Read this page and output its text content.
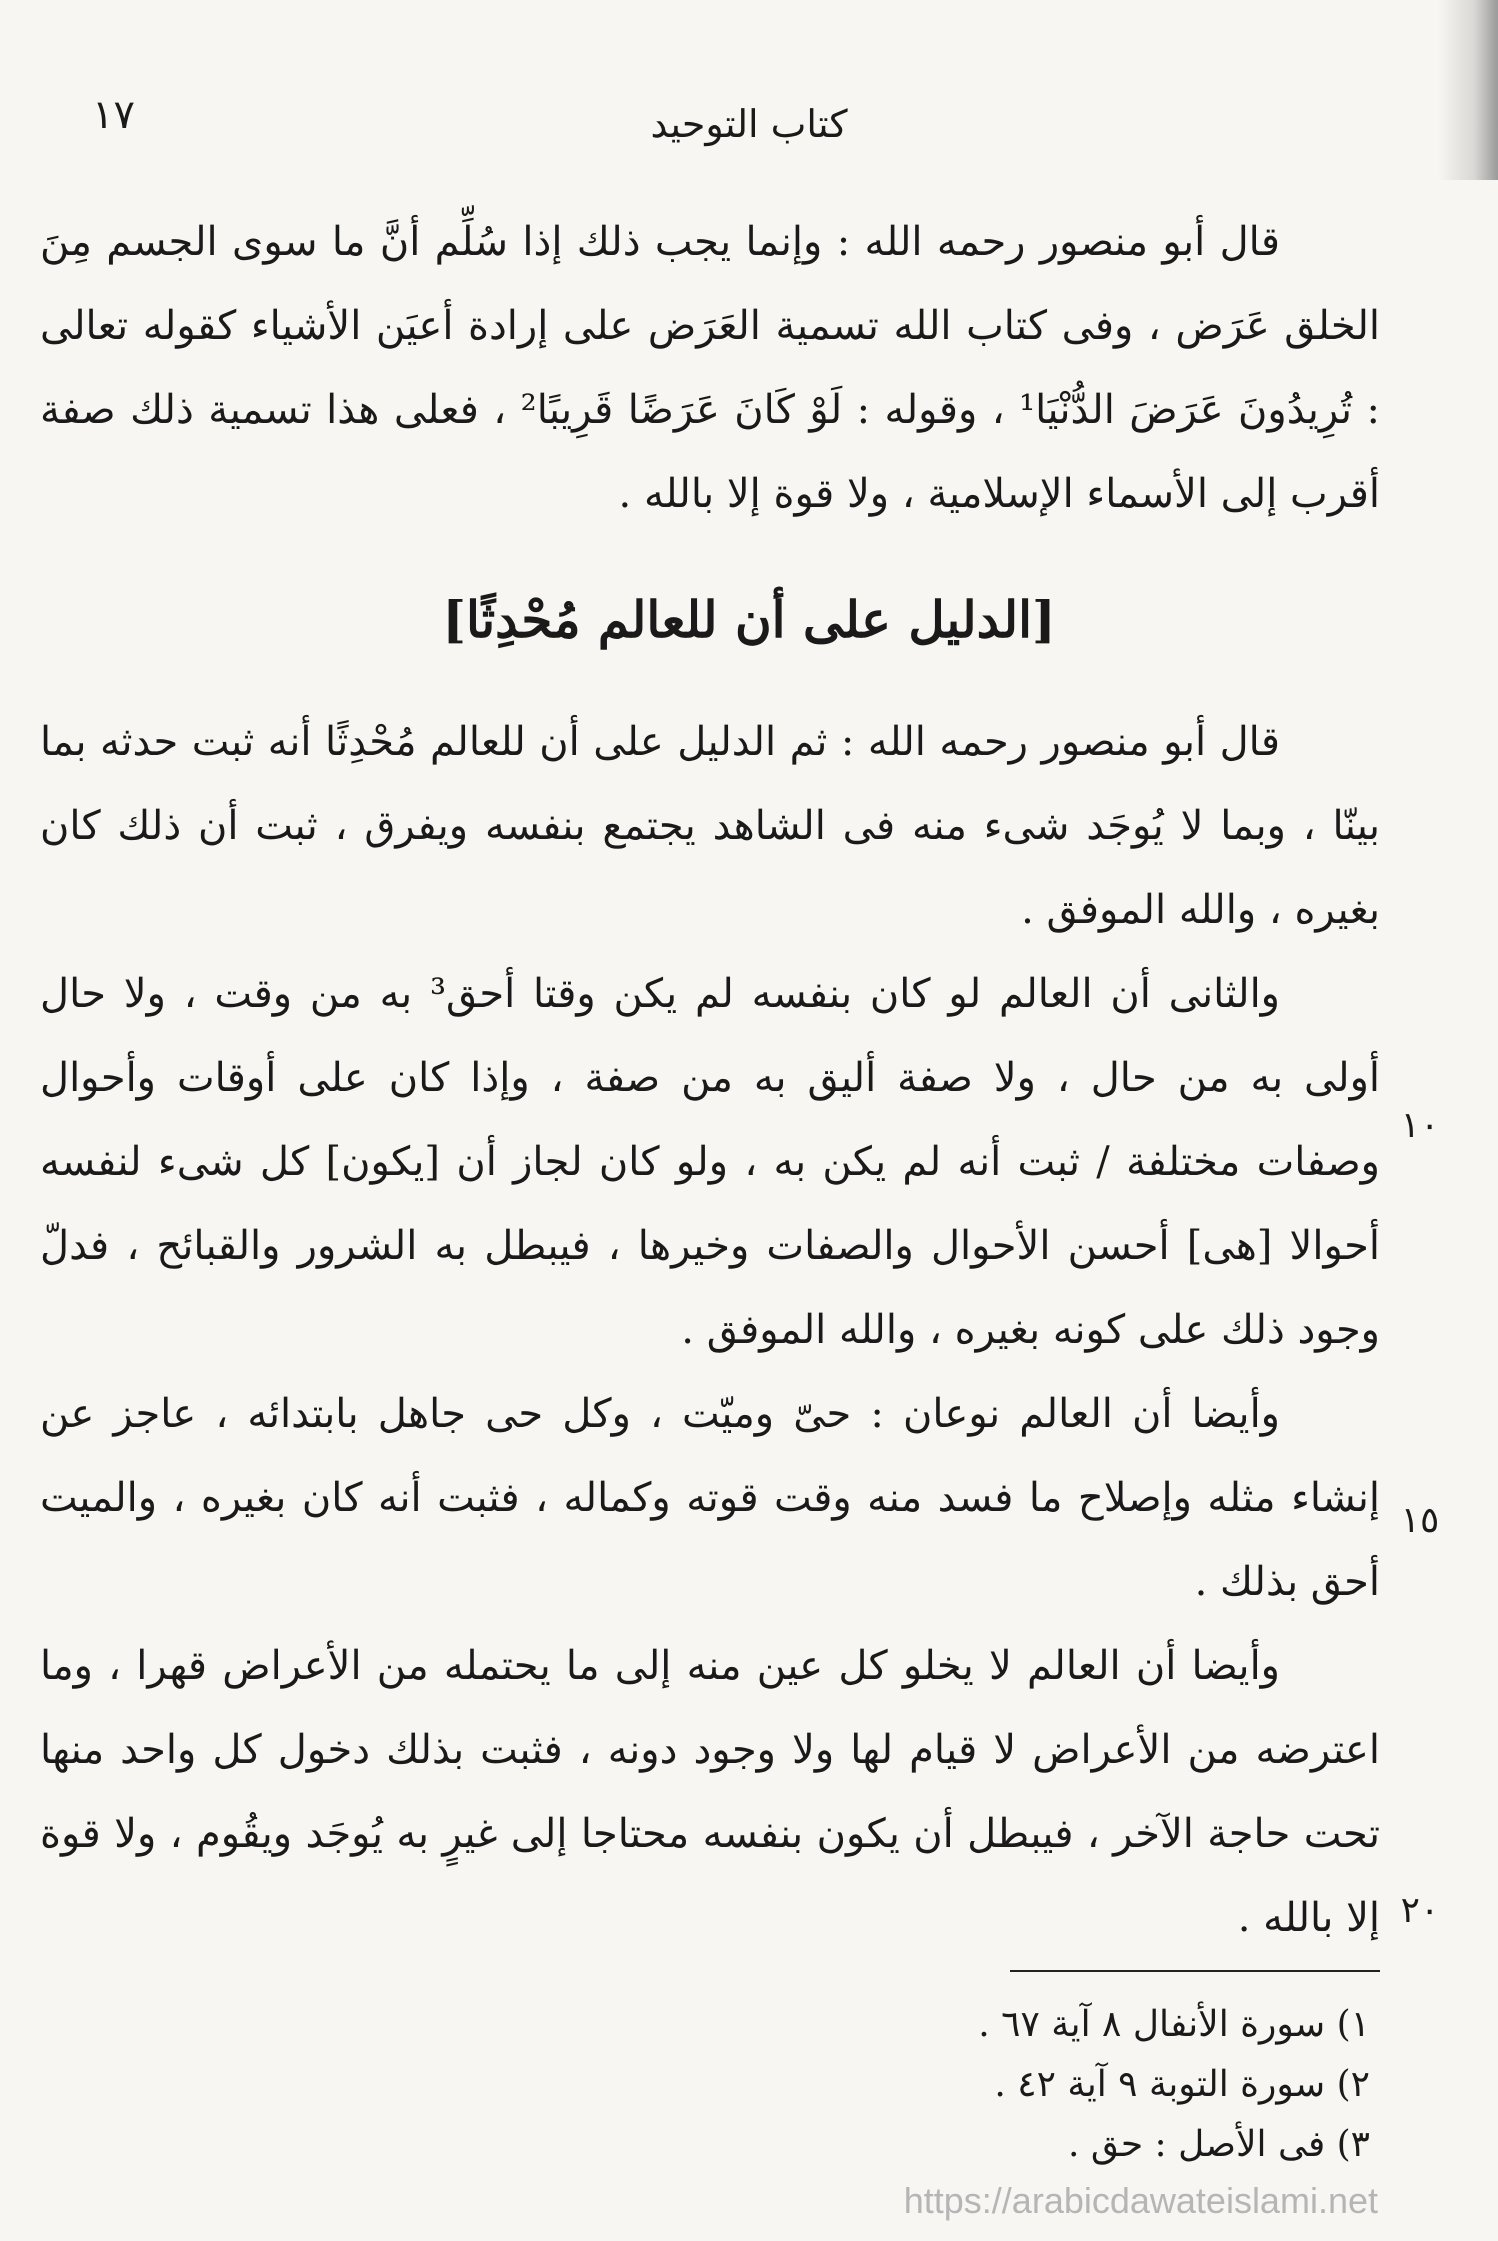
١٧	كتاب التوحيد

قال أبو منصور رحمه الله : وإنما يجب ذلك إذا سُلِّم أنَّ ما سوى الجسم مِنَ الخلق عَرَض ، وفى كتاب الله تسمية العَرَض على إرادة أعيَن الأشياء كقوله تعالى : تُرِيدُونَ عَرَضَ الدُّنْيَا¹ ، وقوله : لَوْ كَانَ عَرَضًا قَرِيبًا² ، فعلى هذا تسمية ذلك صفة أقرب إلى الأسماء الإسلامية ، ولا قوة إلا بالله .

[الدليل على أن للعالم مُحْدِثًا]

قال أبو منصور رحمه الله : ثم الدليل على أن للعالم مُحْدِثًا أنه ثبت حدثه بما بينّا ، وبما لا يُوجَد شىء منه فى الشاهد يجتمع بنفسه ويفرق ، ثبت أن ذلك كان بغيره ، والله الموفق .

والثانى أن العالم لو كان بنفسه لم يكن وقتا أحق³ به من وقت ، ولا حال أولى به من حال ، ولا صفة أليق به من صفة ، وإذا كان على أوقات وأحوال وصفات مختلفة / ثبت أنه لم يكن به ، ولو كان لجاز أن [يكون] كل شىء لنفسه أحوالا [هى] أحسن الأحوال والصفات وخيرها ، فيبطل به الشرور والقبائح ، فدلّ وجود ذلك على كونه بغيره ، والله الموفق .

وأيضا أن العالم نوعان : حىّ وميّت ، وكل حى جاهل بابتدائه ، عاجز عن إنشاء مثله وإصلاح ما فسد منه وقت قوته وكماله ، فثبت أنه كان بغيره ، والميت أحق بذلك .

وأيضا أن العالم لا يخلو كل عين منه إلى ما يحتمله من الأعراض قهرا ، وما اعترضه من الأعراض لا قيام لها ولا وجود دونه ، فثبت بذلك دخول كل واحد منها تحت حاجة الآخر ، فيبطل أن يكون بنفسه محتاجا إلى غيرٍ به يُوجَد ويقُوم ، ولا قوة إلا بالله .

١٠
١٥
٢٠
١) سورة الأنفال ٨ آية ٦٧ .
٢) سورة التوبة ٩ آية ٤٢ .
٣) فى الأصل : حق .
https://arabicdawateislami.net
